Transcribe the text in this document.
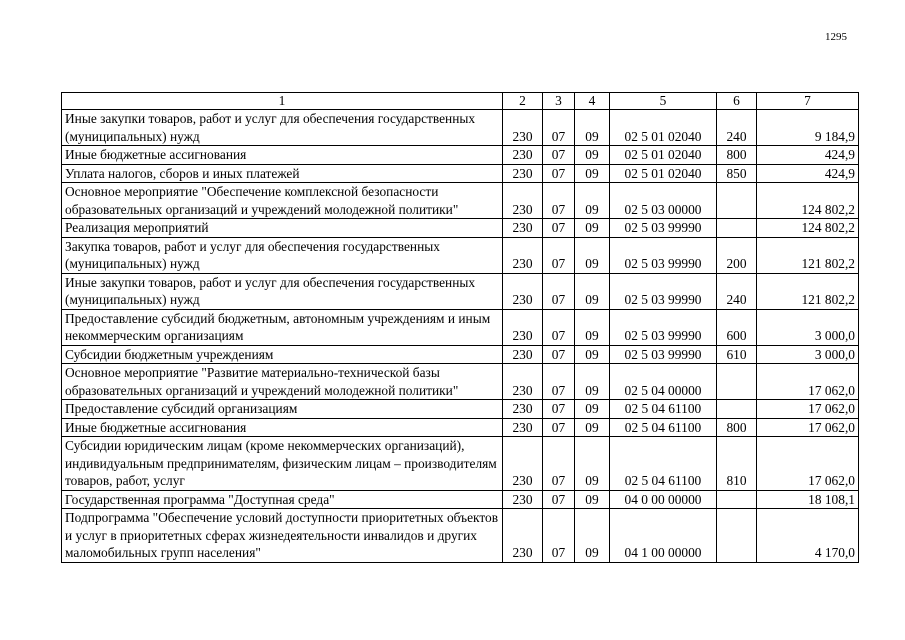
1295
1	2	3	4	5	6	7
Иные закупки товаров, работ и услуг для обеспечения государственных (муниципальных) нужд	230	07	09	02 5 01 02040	240	9 184,9
Иные бюджетные ассигнования	230	07	09	02 5 01 02040	800	424,9
Уплата налогов, сборов и иных платежей	230	07	09	02 5 01 02040	850	424,9
Основное мероприятие "Обеспечение комплексной безопасности образовательных организаций и учреждений молодежной политики"	230	07	09	02 5 03 00000		124 802,2
Реализация мероприятий	230	07	09	02 5 03 99990		124 802,2
Закупка товаров, работ и услуг для обеспечения государственных (муниципальных) нужд	230	07	09	02 5 03 99990	200	121 802,2
Иные закупки товаров, работ и услуг для обеспечения государственных (муниципальных) нужд	230	07	09	02 5 03 99990	240	121 802,2
Предоставление субсидий бюджетным, автономным учреждениям и иным некоммерческим организациям	230	07	09	02 5 03 99990	600	3 000,0
Субсидии бюджетным учреждениям	230	07	09	02 5 03 99990	610	3 000,0
Основное мероприятие "Развитие материально-технической базы образовательных организаций и учреждений молодежной политики"	230	07	09	02 5 04 00000		17 062,0
Предоставление субсидий организациям	230	07	09	02 5 04 61100		17 062,0
Иные бюджетные ассигнования	230	07	09	02 5 04 61100	800	17 062,0
Субсидии юридическим лицам (кроме некоммерческих организаций), индивидуальным предпринимателям, физическим лицам – производителям товаров, работ, услуг	230	07	09	02 5 04 61100	810	17 062,0
Государственная программа "Доступная среда"	230	07	09	04 0 00 00000		18 108,1
Подпрограмма "Обеспечение условий доступности приоритетных объектов и услуг в приоритетных сферах жизнедеятельности инвалидов и других маломобильных групп населения"	230	07	09	04 1 00 00000		4 170,0
